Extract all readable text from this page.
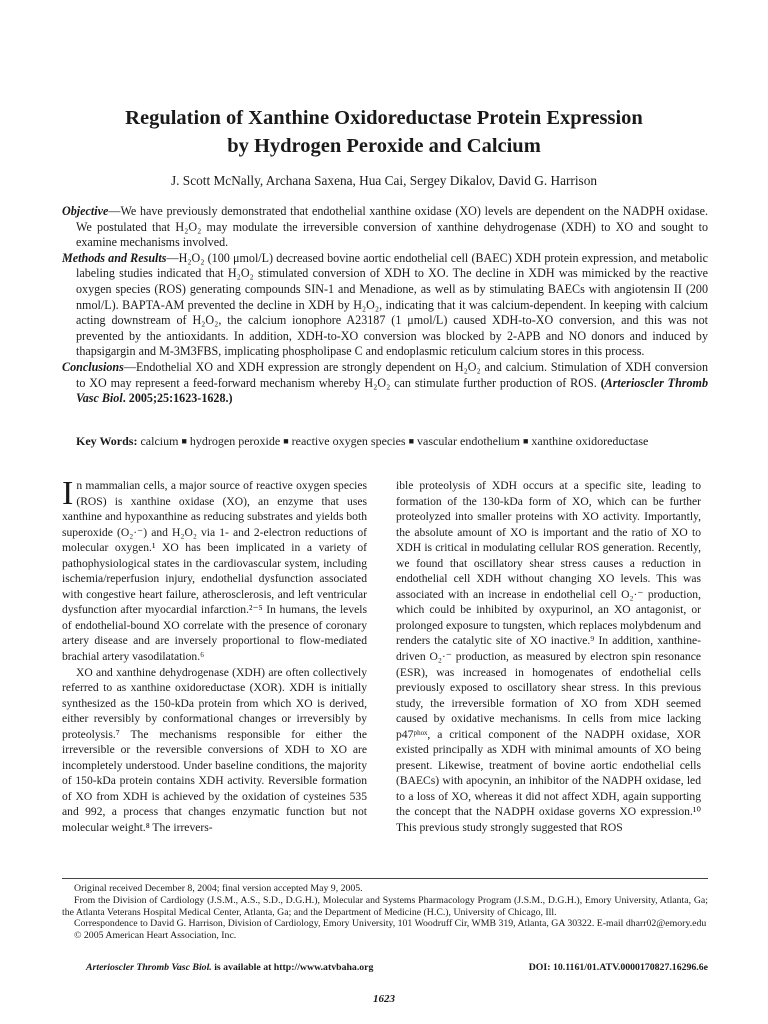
Regulation of Xanthine Oxidoreductase Protein Expression
by Hydrogen Peroxide and Calcium
J. Scott McNally, Archana Saxena, Hua Cai, Sergey Dikalov, David G. Harrison

Objective—We have previously demonstrated that endothelial xanthine oxidase (XO) levels are dependent on the NADPH oxidase. We postulated that H₂O₂ may modulate the irreversible conversion of xanthine dehydrogenase (XDH) to XO and sought to examine mechanisms involved.

Methods and Results—H₂O₂ (100 μmol/L) decreased bovine aortic endothelial cell (BAEC) XDH protein expression, and metabolic labeling studies indicated that H₂O₂ stimulated conversion of XDH to XO. The decline in XDH was mimicked by the reactive oxygen species (ROS) generating compounds SIN-1 and Menadione, as well as by stimulating BAECs with angiotensin II (200 nmol/L). BAPTA-AM prevented the decline in XDH by H₂O₂, indicating that it was calcium-dependent. In keeping with calcium acting downstream of H₂O₂, the calcium ionophore A23187 (1 μmol/L) caused XDH-to-XO conversion, and this was not prevented by the antioxidants. In addition, XDH-to-XO conversion was blocked by 2-APB and NO donors and induced by thapsigargin and M-3M3FBS, implicating phospholipase C and endoplasmic reticulum calcium stores in this process.

Conclusions—Endothelial XO and XDH expression are strongly dependent on H₂O₂ and calcium. Stimulation of XDH conversion to XO may represent a feed-forward mechanism whereby H₂O₂ can stimulate further production of ROS. (Arterioscler Thromb Vasc Biol. 2005;25:1623-1628.)

Key Words: calcium ■ hydrogen peroxide ■ reactive oxygen species ■ vascular endothelium ■ xanthine oxidoreductase

In mammalian cells, a major source of reactive oxygen species (ROS) is xanthine oxidase (XO), an enzyme that uses xanthine and hypoxanthine as reducing substrates and yields both superoxide (O₂·⁻) and H₂O₂ via 1- and 2-electron reductions of molecular oxygen.¹ XO has been implicated in a variety of pathophysiological states in the cardiovascular system, including ischemia/reperfusion injury, endothelial dysfunction associated with congestive heart failure, atherosclerosis, and left ventricular dysfunction after myocardial infarction.²⁻⁵ In humans, the levels of endothelial-bound XO correlate with the presence of coronary artery disease and are inversely proportional to flow-mediated brachial artery vasodilatation.⁶

XO and xanthine dehydrogenase (XDH) are often collectively referred to as xanthine oxidoreductase (XOR). XDH is initially synthesized as the 150-kDa protein from which XO is derived, either reversibly by conformational changes or irreversibly by proteolysis.⁷ The mechanisms responsible for either the irreversible or the reversible conversions of XDH to XO are incompletely understood. Under baseline conditions, the majority of 150-kDa protein contains XDH activity. Reversible formation of XO from XDH is achieved by the oxidation of cysteines 535 and 992, a process that changes enzymatic function but not molecular weight.⁸ The irrevers-

ible proteolysis of XDH occurs at a specific site, leading to formation of the 130-kDa form of XO, which can be further proteolyzed into smaller proteins with XO activity. Importantly, the absolute amount of XO is important and the ratio of XO to XDH is critical in modulating cellular ROS generation. Recently, we found that oscillatory shear stress causes a reduction in endothelial cell XDH without changing XO levels. This was associated with an increase in endothelial cell O₂·⁻ production, which could be inhibited by oxypurinol, an XO antagonist, or prolonged exposure to tungsten, which replaces molybdenum and renders the catalytic site of XO inactive.⁹ In addition, xanthine-driven O₂·⁻ production, as measured by electron spin resonance (ESR), was increased in homogenates of endothelial cells previously exposed to oscillatory shear stress. In this previous study, the irreversible formation of XO from XDH seemed caused by oxidative mechanisms. In cells from mice lacking p47ᵖʰᵒˣ, a critical component of the NADPH oxidase, XOR existed principally as XDH with minimal amounts of XO being present. Likewise, treatment of bovine aortic endothelial cells (BAECs) with apocynin, an inhibitor of the NADPH oxidase, led to a loss of XO, whereas it did not affect XDH, again supporting the concept that the NADPH oxidase governs XO expression.¹⁰ This previous study strongly suggested that ROS

Original received December 8, 2004; final version accepted May 9, 2005.

From the Division of Cardiology (J.S.M., A.S., S.D., D.G.H.), Molecular and Systems Pharmacology Program (J.S.M., D.G.H.), Emory University, Atlanta, Ga; the Atlanta Veterans Hospital Medical Center, Atlanta, Ga; and the Department of Medicine (H.C.), University of Chicago, Ill.

Correspondence to David G. Harrison, Division of Cardiology, Emory University, 101 Woodruff Cir, WMB 319, Atlanta, GA 30322. E-mail dharr02@emory.edu

© 2005 American Heart Association, Inc.

Arterioscler Thromb Vasc Biol. is available at http://www.atvbaha.org	DOI: 10.1161/01.ATV.0000170827.16296.6e
1623
